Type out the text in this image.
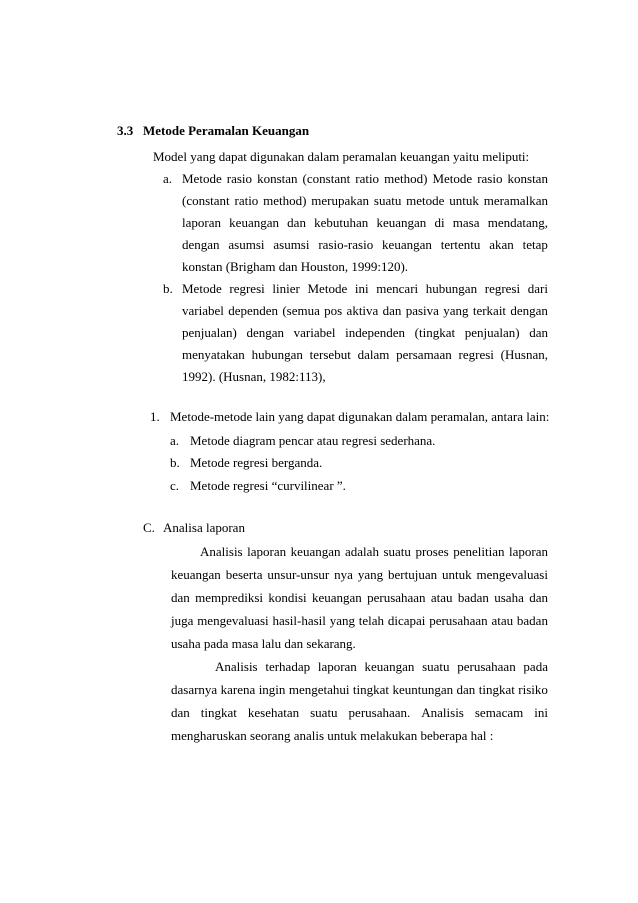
3.3 Metode Peramalan Keuangan
Model yang dapat digunakan dalam peramalan keuangan yaitu meliputi:
a. Metode rasio konstan (constant ratio method) Metode rasio konstan
(constant ratio method) merupakan suatu metode untuk meramalkan
laporan keuangan dan kebutuhan keuangan di masa mendatang,
dengan asumsi asumsi rasio-rasio keuangan tertentu akan tetap
konstan (Brigham dan Houston, 1999:120).
b. Metode regresi linier Metode ini mencari hubungan regresi dari
variabel dependen (semua pos aktiva dan pasiva yang terkait dengan
penjualan) dengan variabel independen (tingkat penjualan) dan
menyatakan hubungan tersebut dalam persamaan regresi (Husnan,
1992). (Husnan, 1982:113),
1. Metode-metode lain yang dapat digunakan dalam peramalan, antara lain:
a. Metode diagram pencar atau regresi sederhana.
b. Metode regresi berganda.
c. Metode regresi “curvilinear ”.
C. Analisa laporan
Analisis laporan keuangan adalah suatu proses penelitian laporan
keuangan beserta unsur-unsur nya yang bertujuan untuk mengevaluasi
dan memprediksi kondisi keuangan perusahaan atau badan usaha dan
juga mengevaluasi hasil-hasil yang telah dicapai perusahaan atau badan
usaha pada masa lalu dan sekarang.
Analisis terhadap laporan keuangan suatu perusahaan pada
dasarnya karena ingin mengetahui tingkat keuntungan dan tingkat risiko
dan tingkat kesehatan suatu perusahaan. Analisis semacam ini
mengharuskan seorang analis untuk melakukan beberapa hal :
